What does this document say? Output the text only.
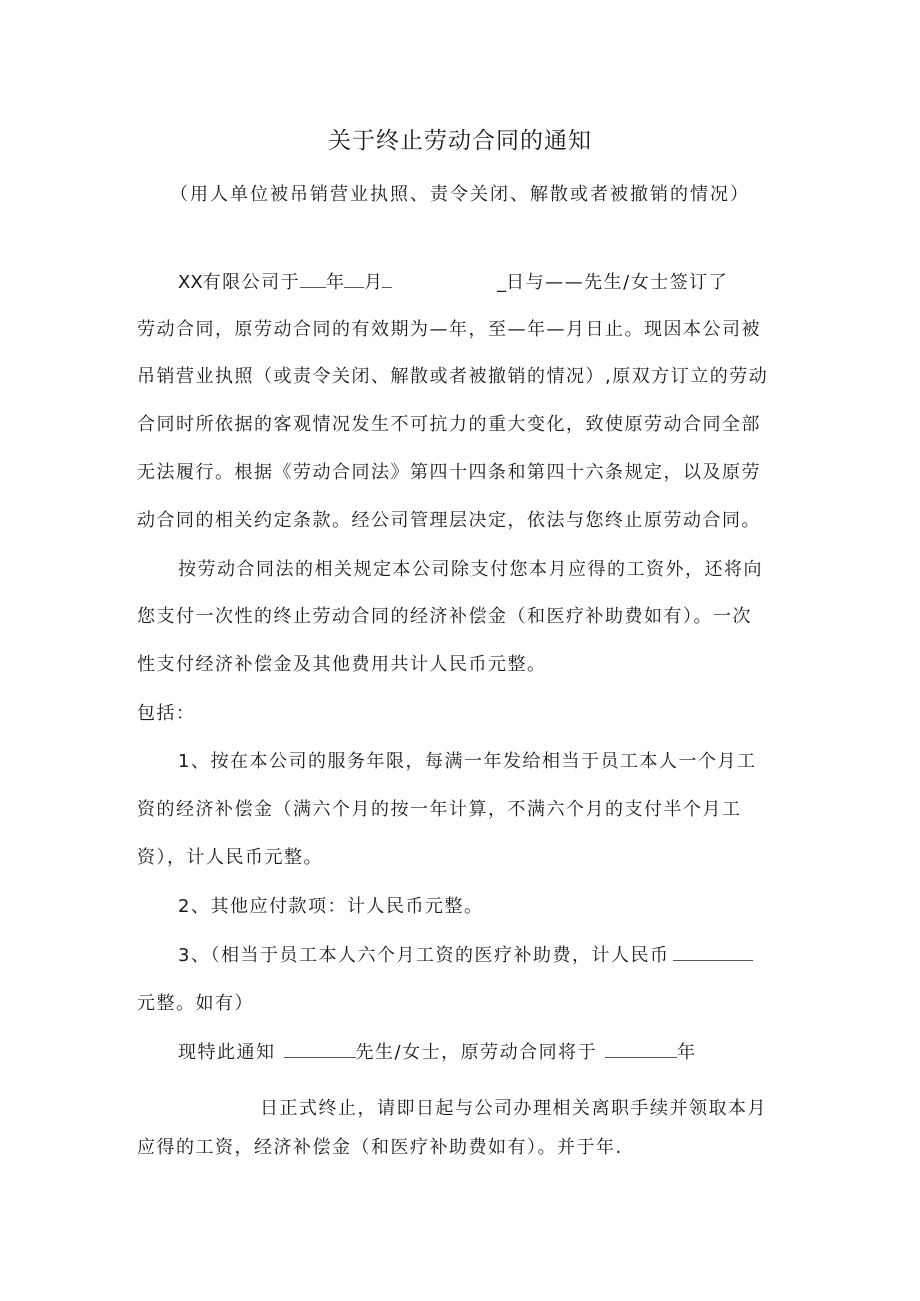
关于终止劳动合同的通知
（用人单位被吊销营业执照、责令关闭、解散或者被撤销的情况）
XX有限公司于 年 月	_日与——先生/女士签订了
劳动合同，原劳动合同的有效期为—年，至—年—月日止。现因本公司被
吊销营业执照（或责令关闭、解散或者被撤销的情况）,原双方订立的劳动
合同时所依据的客观情况发生不可抗力的重大变化，致使原劳动合同全部
无法履行。根据《劳动合同法》第四十四条和第四十六条规定，以及原劳
动合同的相关约定条款。经公司管理层决定，依法与您终止原劳动合同。
按劳动合同法的相关规定本公司除支付您本月应得的工资外，还将向
您支付一次性的终止劳动合同的经济补偿金（和医疗补助费如有）。一次
性支付经济补偿金及其他费用共计人民币元整。
包括：
1、按在本公司的服务年限，每满一年发给相当于员工本人一个月工
资的经济补偿金（满六个月的按一年计算，不满六个月的支付半个月工
资），计人民币元整。
2、其他应付款项：计人民币元整。
3、（相当于员工本人六个月工资的医疗补助费，计人民币
元整。如有）
现特此通知	先生/女士，原劳动合同将于	年
日正式终止，请即日起与公司办理相关离职手续并领取本月
应得的工资，经济补偿金（和医疗补助费如有）。并于年.
